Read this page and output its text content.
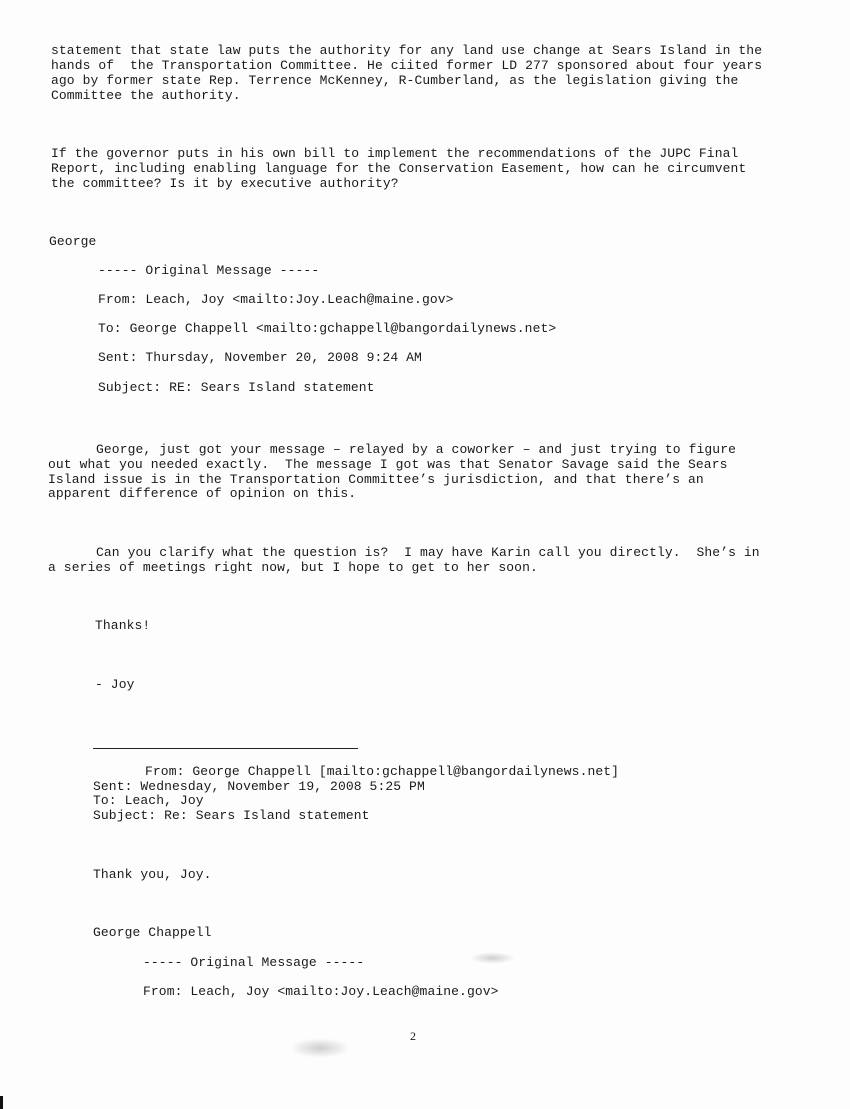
statement that state law puts the authority for any land use change at Sears Island in the
hands of  the Transportation Committee. He ciited former LD 277 sponsored about four years
ago by former state Rep. Terrence McKenney, R-Cumberland, as the legislation giving the
Committee the authority.
If the governor puts in his own bill to implement the recommendations of the JUPC Final
Report, including enabling language for the Conservation Easement, how can he circumvent
the committee? Is it by executive authority?
George
----- Original Message -----
From: Leach, Joy <mailto:Joy.Leach@maine.gov>
To: George Chappell <mailto:gchappell@bangordailynews.net>
Sent: Thursday, November 20, 2008 9:24 AM
Subject: RE: Sears Island statement
George, just got your message – relayed by a coworker – and just trying to figure
out what you needed exactly.  The message I got was that Senator Savage said the Sears
Island issue is in the Transportation Committee’s jurisdiction, and that there’s an
apparent difference of opinion on this.
Can you clarify what the question is?  I may have Karin call you directly.  She’s in
a series of meetings right now, but I hope to get to her soon.
Thanks!
- Joy
From: George Chappell [mailto:gchappell@bangordailynews.net]
Sent: Wednesday, November 19, 2008 5:25 PM
To: Leach, Joy
Subject: Re: Sears Island statement
Thank you, Joy.
George Chappell
----- Original Message -----
From: Leach, Joy <mailto:Joy.Leach@maine.gov>
2
